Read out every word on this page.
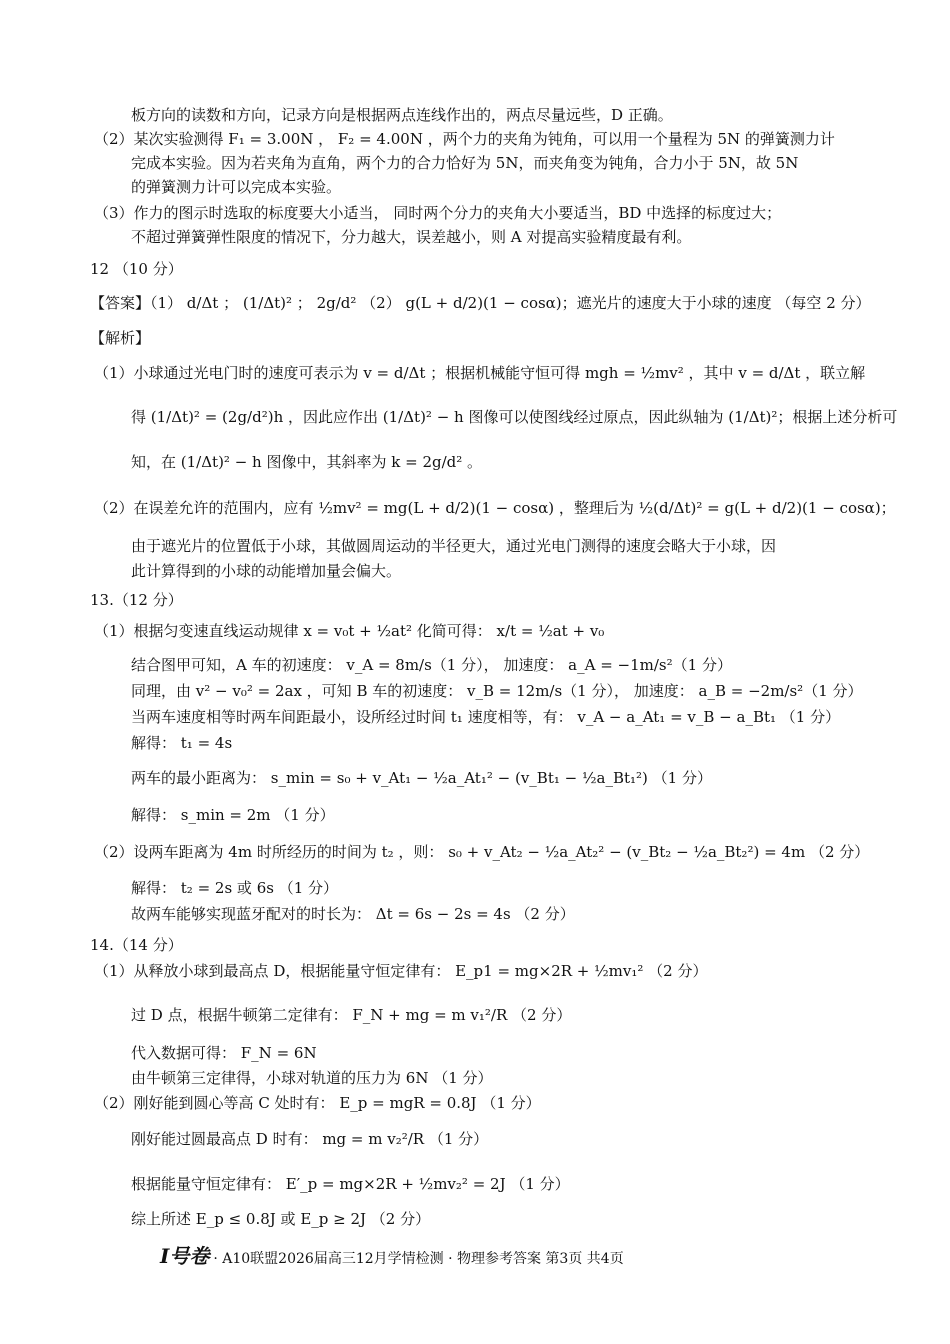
板方向的读数和方向，记录方向是根据两点连线作出的，两点尽量远些，D 正确。
（2）某次实验测得 F₁ = 3.00N ， F₂ = 4.00N ，两个力的夹角为钝角，可以用一个量程为 5N 的弹簧测力计
完成本实验。因为若夹角为直角，两个力的合力恰好为 5N，而夹角变为钝角，合力小于 5N，故 5N
的弹簧测力计可以完成本实验。
（3）作力的图示时选取的标度要大小适当， 同时两个分力的夹角大小要适当，BD 中选择的标度过大；
不超过弹簧弹性限度的情况下，分力越大，误差越小，则 A 对提高实验精度最有利。
12 （10 分）
【答案】（1） d/Δt ； (1/Δt)² ； 2g/d² （2） g(L + d/2)(1 − cosα)；遮光片的速度大于小球的速度 （每空 2 分）
【解析】
（1）小球通过光电门时的速度可表示为 v = d/Δt ；根据机械能守恒可得 mgh = ½mv² ，其中 v = d/Δt ，联立解
得 (1/Δt)² = (2g/d²)h ，因此应作出 (1/Δt)² − h 图像可以使图线经过原点，因此纵轴为 (1/Δt)²；根据上述分析可
知，在 (1/Δt)² − h 图像中，其斜率为 k = 2g/d² 。
（2）在误差允许的范围内，应有 ½mv² = mg(L + d/2)(1 − cosα) ，整理后为 ½(d/Δt)² = g(L + d/2)(1 − cosα)；
由于遮光片的位置低于小球，其做圆周运动的半径更大，通过光电门测得的速度会略大于小球，因
此计算得到的小球的动能增加量会偏大。
13.（12 分）
（1）根据匀变速直线运动规律 x = v₀t + ½at² 化简可得： x/t = ½at + v₀
结合图甲可知，A 车的初速度： v_A = 8m/s（1 分）， 加速度： a_A = −1m/s²（1 分）
同理，由 v² − v₀² = 2ax ，可知 B 车的初速度： v_B = 12m/s（1 分）， 加速度： a_B = −2m/s²（1 分）
当两车速度相等时两车间距最小，设所经过时间 t₁ 速度相等，有： v_A − a_At₁ = v_B − a_Bt₁ （1 分）
解得： t₁ = 4s
两车的最小距离为： s_min = s₀ + v_At₁ − ½a_At₁² − (v_Bt₁ − ½a_Bt₁²) （1 分）
解得： s_min = 2m （1 分）
（2）设两车距离为 4m 时所经历的时间为 t₂ ，则： s₀ + v_At₂ − ½a_At₂² − (v_Bt₂ − ½a_Bt₂²) = 4m （2 分）
解得： t₂ = 2s 或 6s （1 分）
故两车能够实现蓝牙配对的时长为： Δt = 6s − 2s = 4s （2 分）
14.（14 分）
（1）从释放小球到最高点 D，根据能量守恒定律有： E_p1 = mg×2R + ½mv₁² （2 分）
过 D 点，根据牛顿第二定律有： F_N + mg = m v₁²/R （2 分）
代入数据可得： F_N = 6N
由牛顿第三定律得，小球对轨道的压力为 6N （1 分）
（2）刚好能到圆心等高 C 处时有： E_p = mgR = 0.8J （1 分）
刚好能过圆最高点 D 时有： mg = m v₂²/R （1 分）
根据能量守恒定律有： E′_p = mg×2R + ½mv₂² = 2J （1 分）
综上所述 E_p ≤ 0.8J 或 E_p ≥ 2J （2 分）
I号卷 · A10联盟2026届高三12月学情检测 · 物理参考答案 第3页 共4页
